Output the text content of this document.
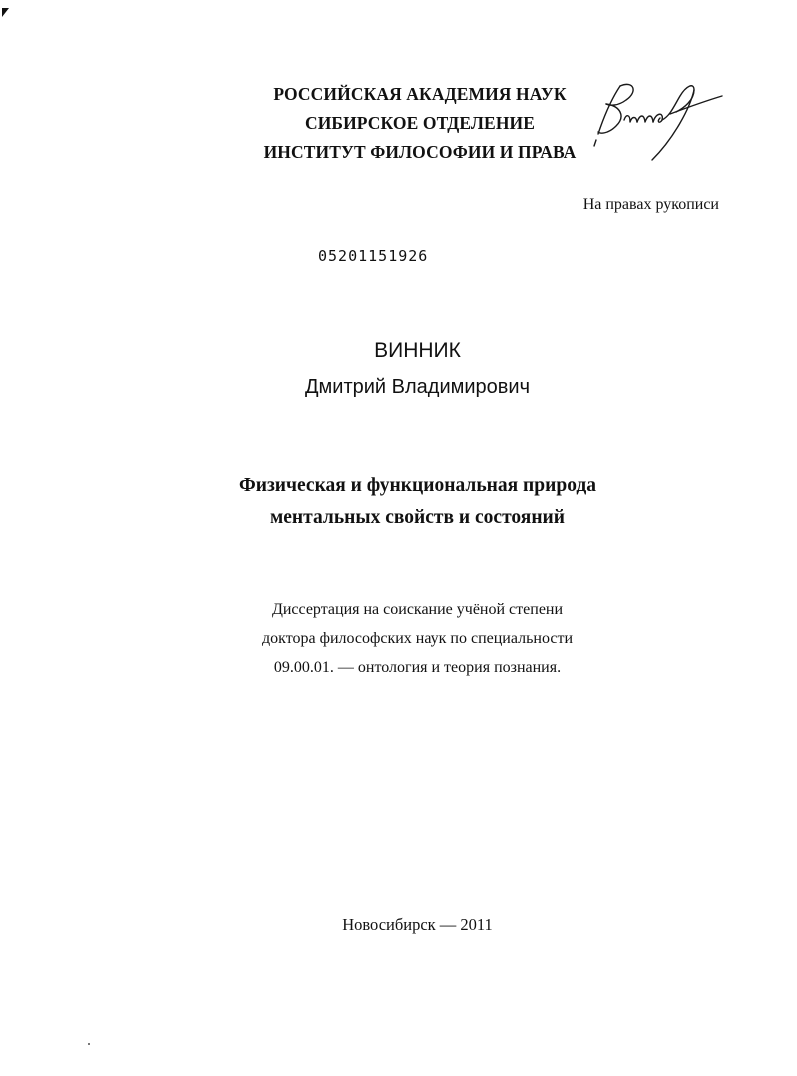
РОССИЙСКАЯ АКАДЕМИЯ НАУК
СИБИРСКОЕ ОТДЕЛЕНИЕ
ИНСТИТУТ ФИЛОСОФИИ И ПРАВА
На правах рукописи
05201151926
ВИННИК
Дмитрий Владимирович
Физическая и функциональная природа
ментальных свойств и состояний
Диссертация на соискание учёной степени
доктора философских наук по специальности
09.00.01. — онтология и теория познания.
Новосибирск — 2011
